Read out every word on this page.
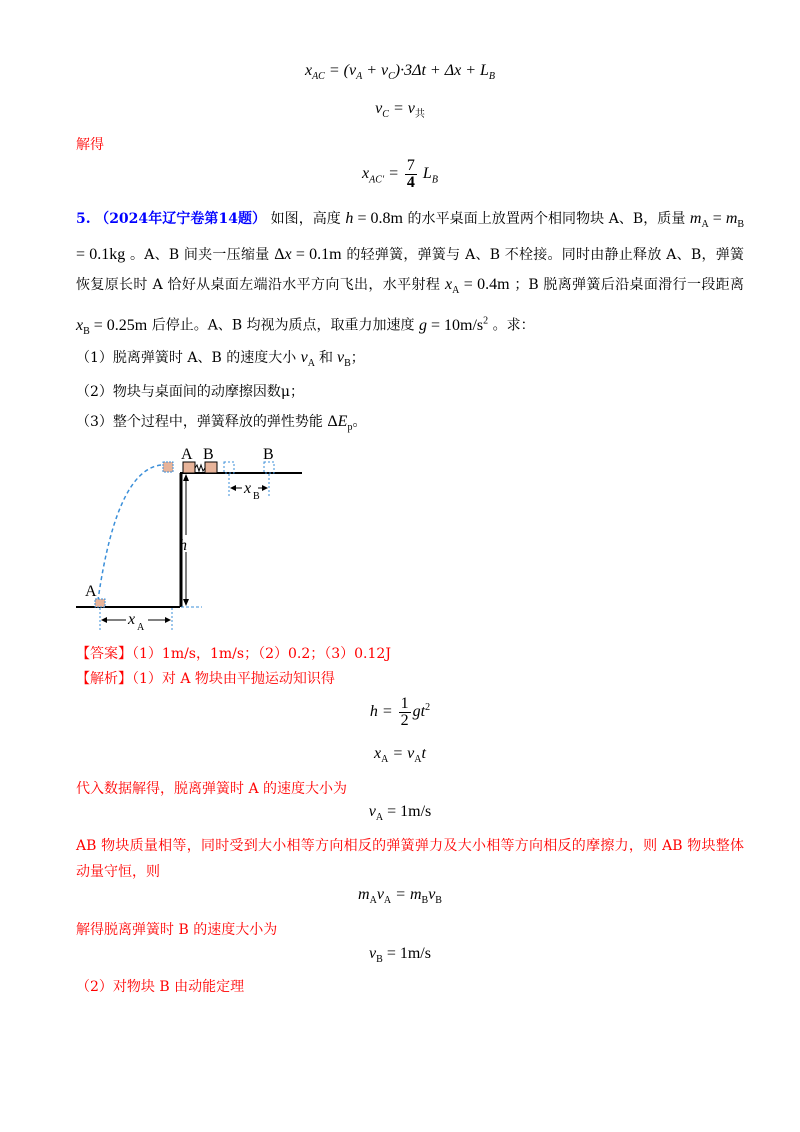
$x_{AC} = (v_A + v_C)\cdot 3\Delta t + \Delta x + L_B$
$v_C = v_共$
解得
$x_{AC'} = \frac{7}{4} L_B$
5. （2024年辽宁卷第14题） 如图，高度 h = 0.8m 的水平桌面上放置两个相同物块 A、B，质量 $m_A = m_B = 0.1kg$ 。A、B 间夹一压缩量 Δx = 0.1m 的轻弹簧，弹簧与 A、B 不栓接。同时由静止释放 A、B，弹簧恢复原长时 A 恰好从桌面左端沿水平方向飞出，水平射程 $x_A = 0.4m$ ；B 脱离弹簧后沿桌面滑行一段距离 $x_B = 0.25m$ 后停止。A、B 均视为质点，取重力加速度 $g = 10m/s^2$ 。求：
（1）脱离弹簧时 A、B 的速度大小 $v_A$ 和 $v_B$；
（2）物块与桌面间的动摩擦因数μ；
（3）整个过程中，弹簧释放的弹性势能 $\Delta E_p$。
h
x B
x A
A B	B
A
【答案】（1）1m/s，1m/s；（2）0.2；（3）0.12J
【解析】（1）对 A 物块由平抛运动知识得
$h = \frac{1}{2} gt^2$
$x_A = v_At$
代入数据解得，脱离弹簧时 A 的速度大小为
$v_A = 1m/s$
AB 物块质量相等，同时受到大小相等方向相反的弹簧弹力及大小相等方向相反的摩擦力，则 AB 物块整体动量守恒，则
$m_Av_A = m_Bv_B$
解得脱离弹簧时 B 的速度大小为
$v_B = 1m/s$
（2）对物块 B 由动能定理
